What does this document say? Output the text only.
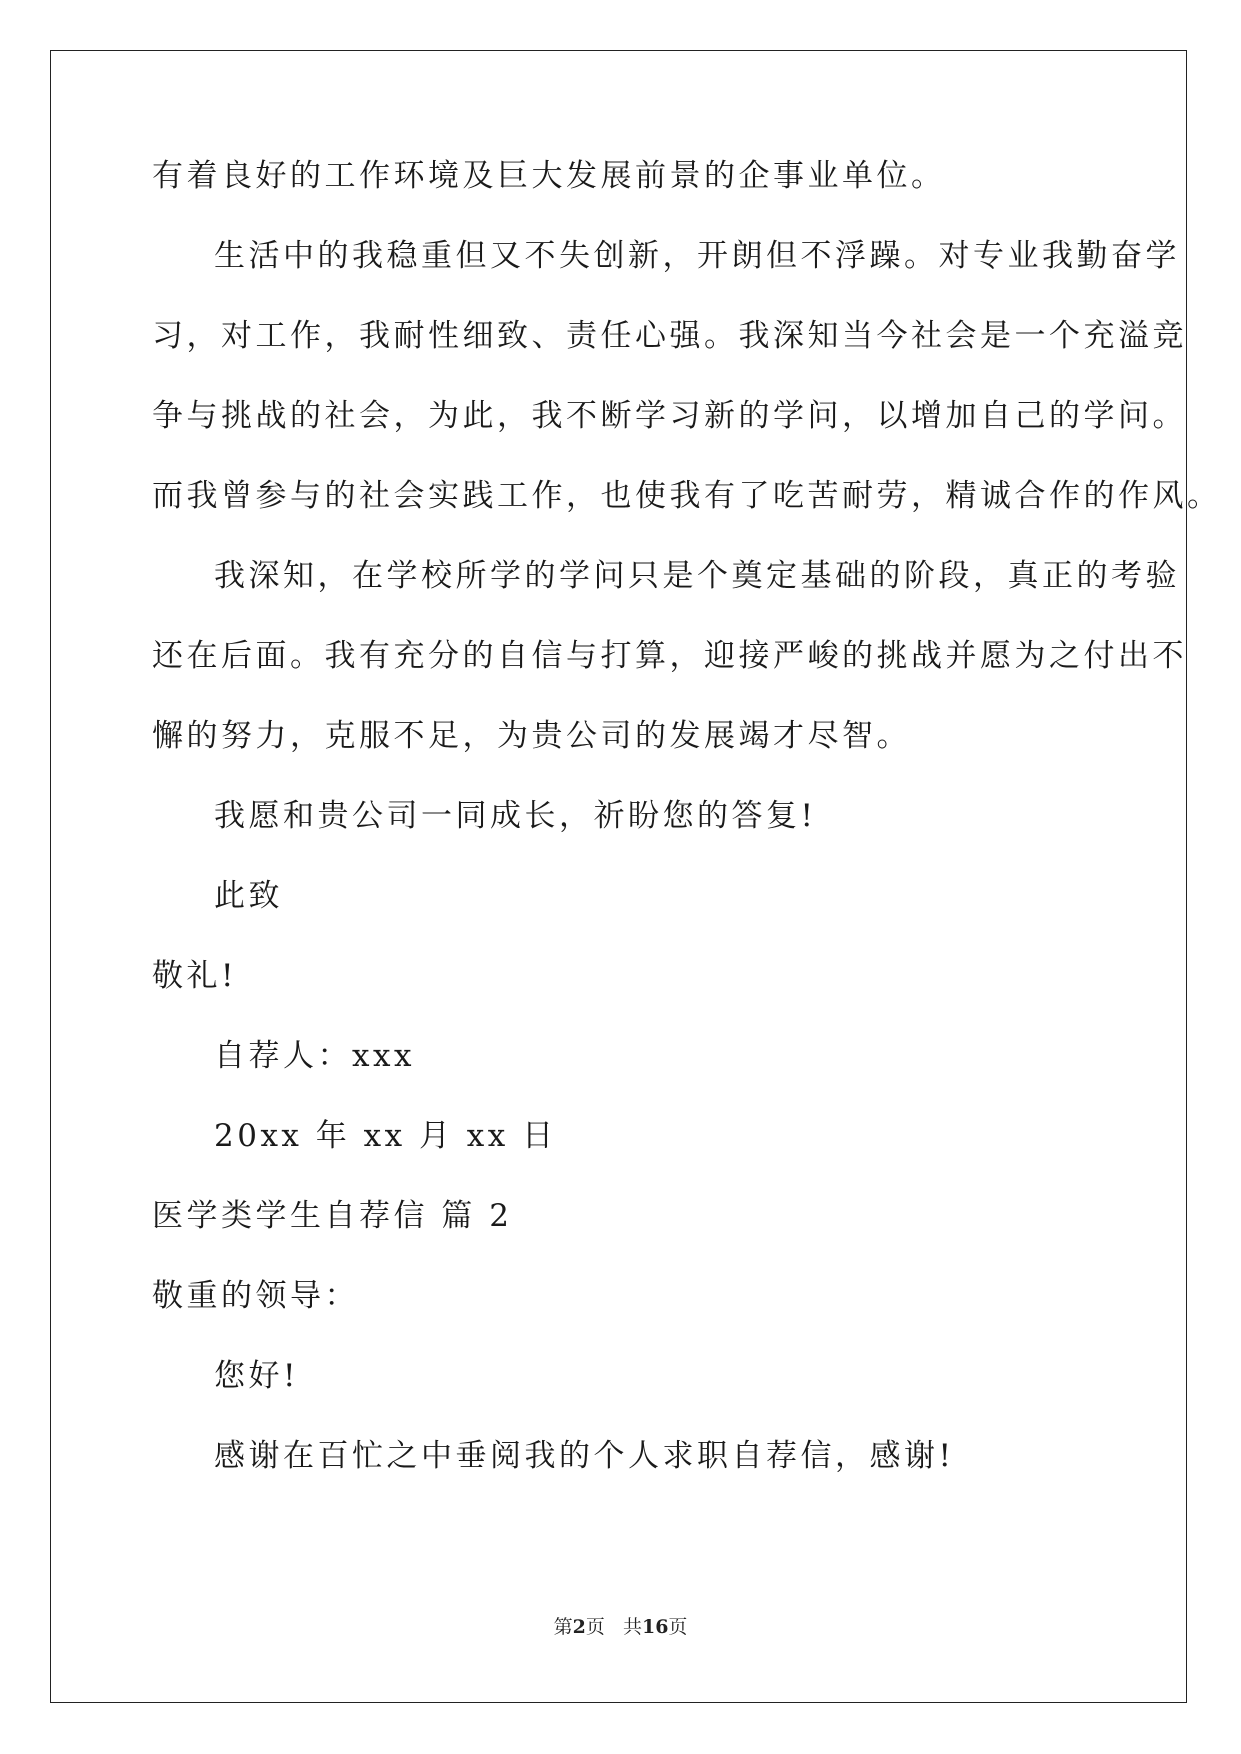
有着良好的工作环境及巨大发展前景的企事业单位。
生活中的我稳重但又不失创新，开朗但不浮躁。对专业我勤奋学
习，对工作，我耐性细致、责任心强。我深知当今社会是一个充溢竞
争与挑战的社会，为此，我不断学习新的学问，以增加自己的学问。
而我曾参与的社会实践工作，也使我有了吃苦耐劳，精诚合作的作风。
我深知，在学校所学的学问只是个奠定基础的阶段，真正的考验
还在后面。我有充分的自信与打算，迎接严峻的挑战并愿为之付出不
懈的努力，克服不足，为贵公司的发展竭才尽智。
我愿和贵公司一同成长，祈盼您的答复!
此致
敬礼!
自荐人：xxx
20xx 年 xx 月 xx 日
医学类学生自荐信 篇 2
敬重的领导：
您好!
感谢在百忙之中垂阅我的个人求职自荐信，感谢!
第2页 共16页
